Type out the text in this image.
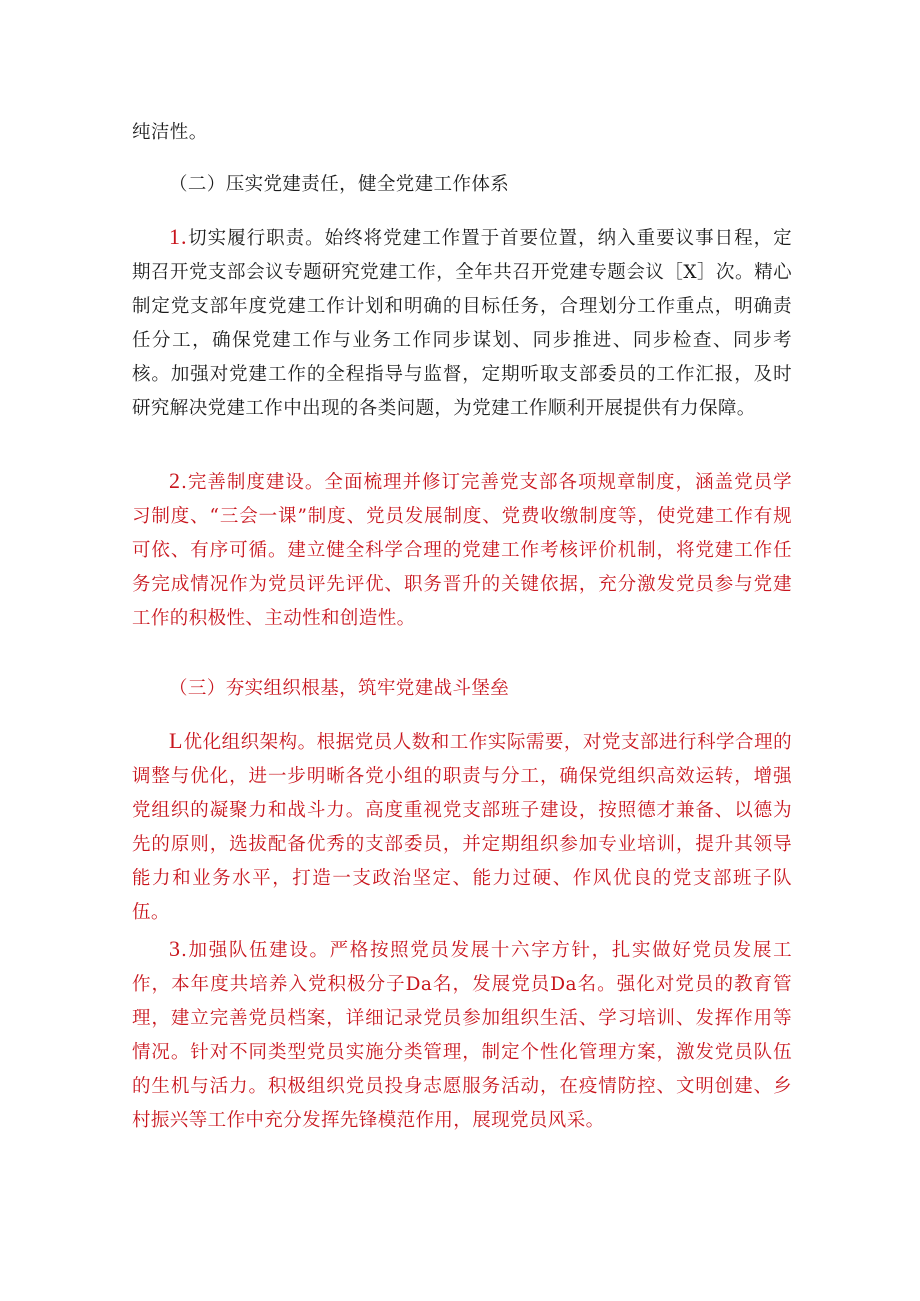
纯洁性。

（二）压实党建责任，健全党建工作体系

1.切实履行职责。始终将党建工作置于首要位置，纳入重要议事日程，定期召开党支部会议专题研究党建工作，全年共召开党建专题会议［X］次。精心制定党支部年度党建工作计划和明确的目标任务，合理划分工作重点，明确责任分工，确保党建工作与业务工作同步谋划、同步推进、同步检查、同步考核。加强对党建工作的全程指导与监督，定期听取支部委员的工作汇报，及时研究解决党建工作中出现的各类问题，为党建工作顺利开展提供有力保障。

2.完善制度建设。全面梳理并修订完善党支部各项规章制度，涵盖党员学习制度、“三会一课”制度、党员发展制度、党费收缴制度等，使党建工作有规可依、有序可循。建立健全科学合理的党建工作考核评价机制，将党建工作任务完成情况作为党员评先评优、职务晋升的关键依据，充分激发党员参与党建工作的积极性、主动性和创造性。

（三）夯实组织根基，筑牢党建战斗堡垒

L优化组织架构。根据党员人数和工作实际需要，对党支部进行科学合理的调整与优化，进一步明晰各党小组的职责与分工，确保党组织高效运转，增强党组织的凝聚力和战斗力。高度重视党支部班子建设，按照德才兼备、以德为先的原则，选拔配备优秀的支部委员，并定期组织参加专业培训，提升其领导能力和业务水平，打造一支政治坚定、能力过硬、作风优良的党支部班子队伍。

3.加强队伍建设。严格按照党员发展十六字方针，扎实做好党员发展工作，本年度共培养入党积极分子Da名，发展党员Da名。强化对党员的教育管理，建立完善党员档案，详细记录党员参加组织生活、学习培训、发挥作用等情况。针对不同类型党员实施分类管理，制定个性化管理方案，激发党员队伍的生机与活力。积极组织党员投身志愿服务活动，在疫情防控、文明创建、乡村振兴等工作中充分发挥先锋模范作用，展现党员风采。
